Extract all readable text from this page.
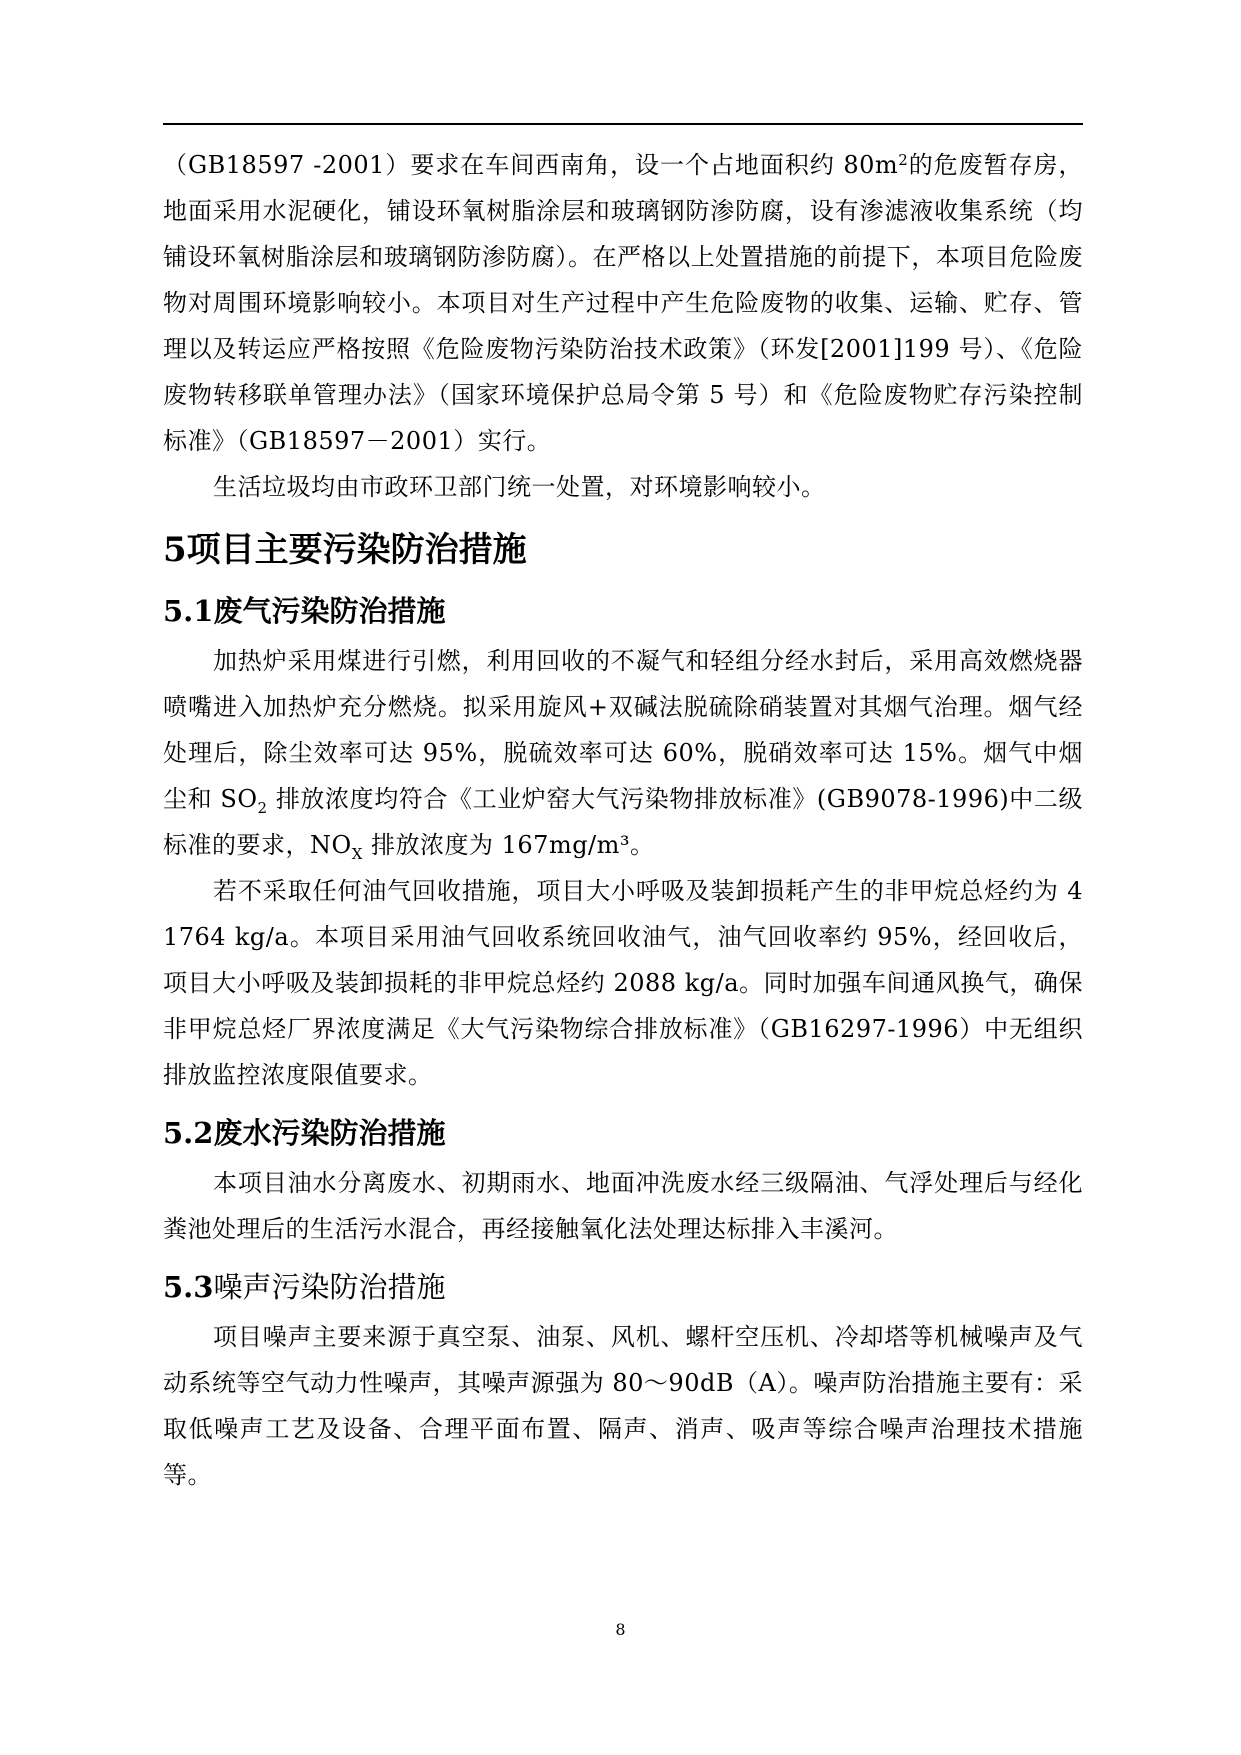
（GB18597 -2001）要求在车间西南角，设一个占地面积约 $80m^2$的危废暂存房，地面采用水泥硬化，铺设环氧树脂涂层和玻璃钢防渗防腐，设有渗滤液收集系统（均铺设环氧树脂涂层和玻璃钢防渗防腐）。在严格以上处置措施的前提下，本项目危险废物对周围环境影响较小。本项目对生产过程中产生危险废物的收集、运输、贮存、管理以及转运应严格按照《危险废物污染防治技术政策》（环发[2001]199 号）、《危险废物转移联单管理办法》（国家环境保护总局令第 5 号）和《危险废物贮存污染控制标准》（GB18597－2001）实行。

生活垃圾均由市政环卫部门统一处置，对环境影响较小。

5项目主要污染防治措施
5.1废气污染防治措施

加热炉采用煤进行引燃，利用回收的不凝气和轻组分经水封后，采用高效燃烧器喷嘴进入加热炉充分燃烧。拟采用旋风+双碱法脱硫除硝装置对其烟气治理。烟气经处理后，除尘效率可达 95%，脱硫效率可达 60%，脱硝效率可达 15%。烟气中烟尘和 $SO_2$ 排放浓度均符合《工业炉窑大气污染物排放标准》(GB9078-1996)中二级标准的要求，$NO_X$ 排放浓度为 167mg/m³。

若不采取任何油气回收措施，项目大小呼吸及装卸损耗产生的非甲烷总烃约为 41764 kg/a。本项目采用油气回收系统回收油气，油气回收率约 95%，经回收后，项目大小呼吸及装卸损耗的非甲烷总烃约 2088 kg/a。同时加强车间通风换气，确保非甲烷总烃厂界浓度满足《大气污染物综合排放标准》（GB16297-1996）中无组织排放监控浓度限值要求。

5.2废水污染防治措施

本项目油水分离废水、初期雨水、地面冲洗废水经三级隔油、气浮处理后与经化粪池处理后的生活污水混合，再经接触氧化法处理达标排入丰溪河。

5.3噪声污染防治措施

项目噪声主要来源于真空泵、油泵、风机、螺杆空压机、冷却塔等机械噪声及气动系统等空气动力性噪声，其噪声源强为 80～90dB（A）。噪声防治措施主要有：采取低噪声工艺及设备、合理平面布置、隔声、消声、吸声等综合噪声治理技术措施等。

8
